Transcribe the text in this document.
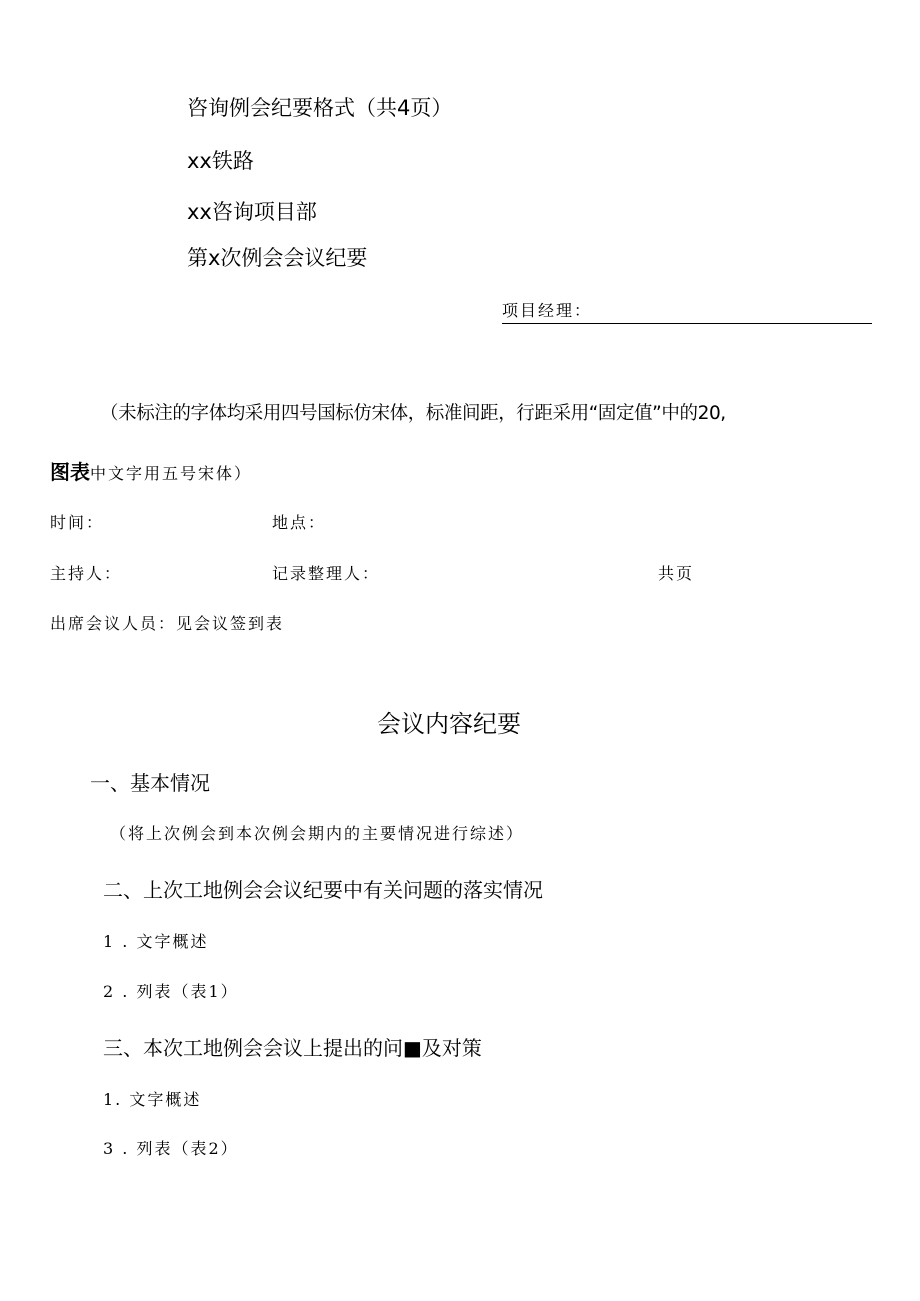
咨询例会纪要格式（共4页）
xx铁路
xx咨询项目部
第x次例会会议纪要
项目经理：
（未标注的字体均采用四号国标仿宋体，标准间距，行距采用“固定值”中的20,
图表中文字用五号宋体）
时间：	地点：
主持人：	记录整理人：	共页
出席会议人员：见会议签到表
会议内容纪要
一、基本情况
（将上次例会到本次例会期内的主要情况进行综述）
二、上次工地例会会议纪要中有关问题的落实情况
1 . 文字概述
2 . 列表（表1）
三、本次工地例会会议上提出的问■及对策
1. 文字概述
3 . 列表（表2）
